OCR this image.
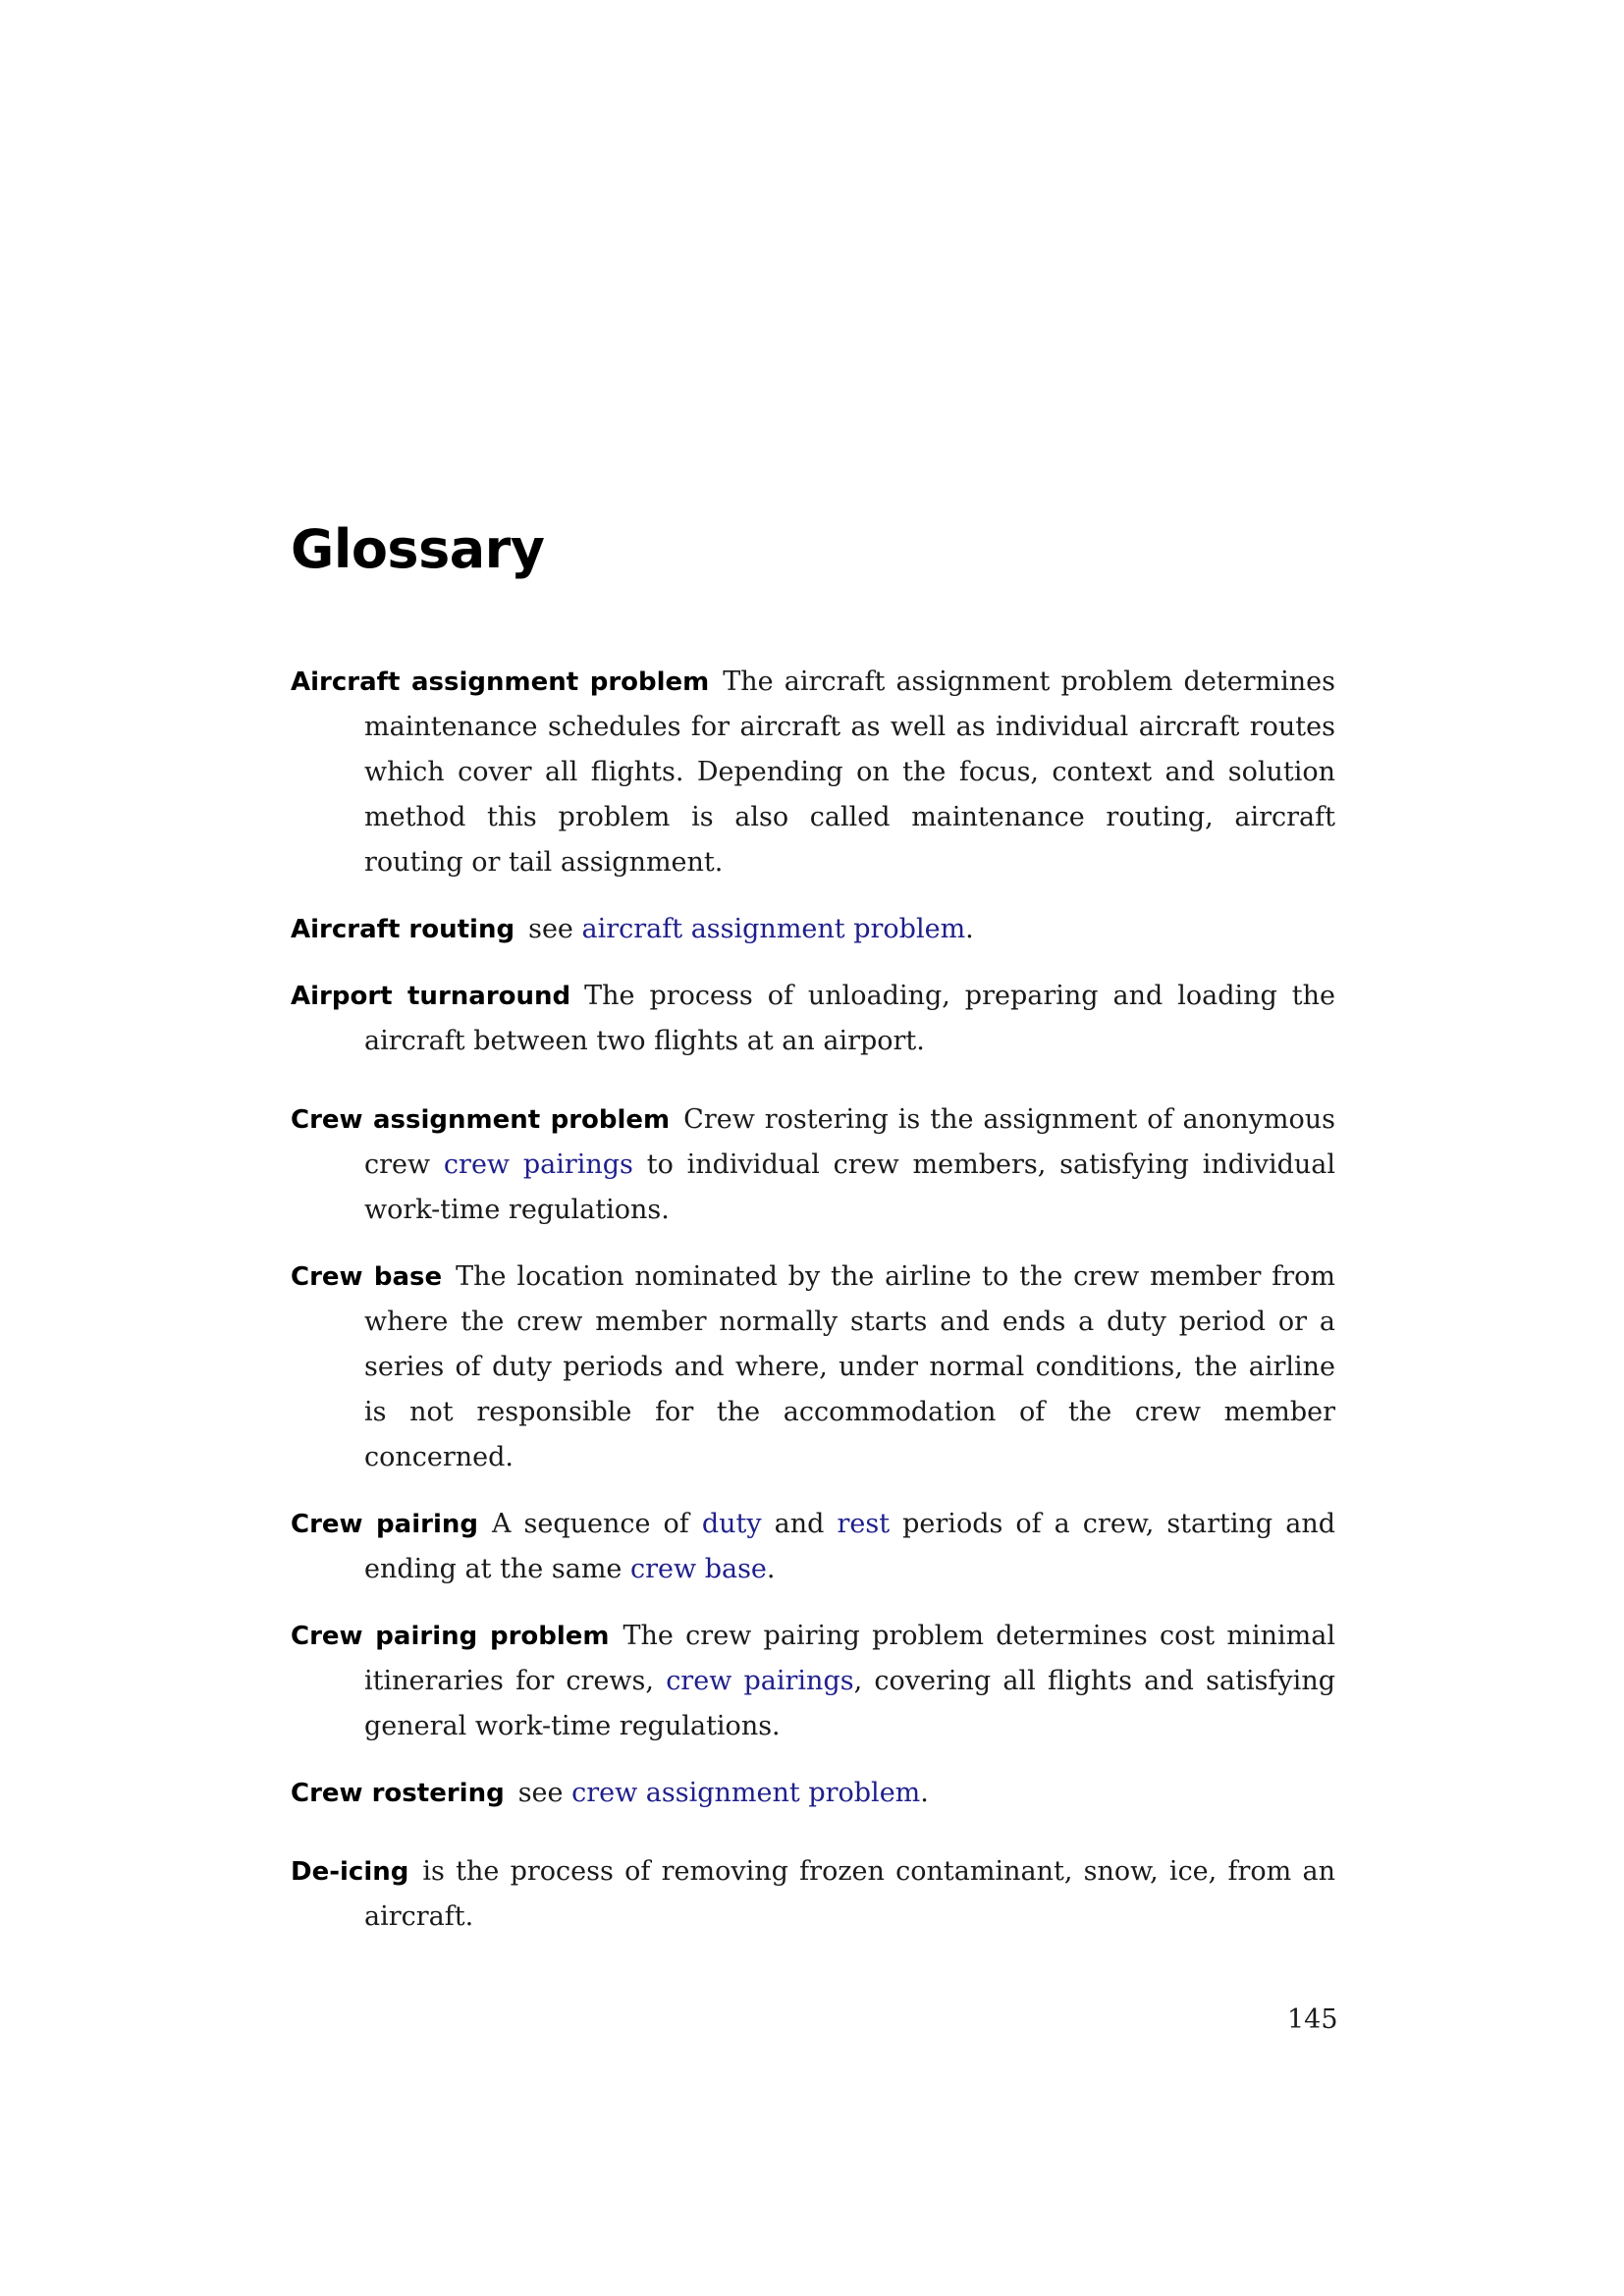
Glossary

Aircraft assignment problem The aircraft assignment problem determines maintenance schedules for aircraft as well as individual aircraft routes which cover all flights. Depending on the focus, context and solution method this problem is also called maintenance routing, aircraft routing or tail assignment.

Aircraft routing see aircraft assignment problem.

Airport turnaround The process of unloading, preparing and loading the aircraft between two flights at an airport.

Crew assignment problem Crew rostering is the assignment of anonymous crew crew pairings to individual crew members, satisfying individual work-time regulations.

Crew base The location nominated by the airline to the crew member from where the crew member normally starts and ends a duty period or a series of duty periods and where, under normal conditions, the airline is not responsible for the accommodation of the crew member concerned.

Crew pairing A sequence of duty and rest periods of a crew, starting and ending at the same crew base.

Crew pairing problem The crew pairing problem determines cost minimal itineraries for crews, crew pairings, covering all flights and satisfying general work-time regulations.

Crew rostering see crew assignment problem.

De-icing is the process of removing frozen contaminant, snow, ice, from an aircraft.

145
